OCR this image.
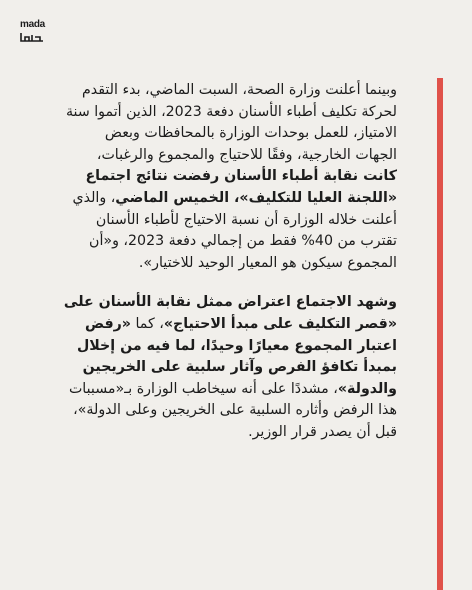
mada

وبينما أعلنت وزارة الصحة، السبت الماضي، بدء التقدم لحركة تكليف أطباء الأسنان دفعة 2023، الذين أتموا سنة الامتياز، للعمل بوحدات الوزارة بالمحافظات وبعض الجهات الخارجية، وفقًا للاحتياج والمجموع والرغبات، كانت نقابة أطباء الأسنان رفضت نتائج اجتماع «اللجنة العليا للتكليف»، الخميس الماضي، والذي أعلنت خلاله الوزارة أن نسبة الاحتياج لأطباء الأسنان تقترب من 40% فقط من إجمالي دفعة 2023، و«أن المجموع سيكون هو المعيار الوحيد للاختيار».

وشهد الاجتماع اعتراض ممثل نقابة الأسنان على «قصر التكليف على مبدأ الاحتياج»، كما «رفض اعتبار المجموع معيارًا وحيدًا، لما فيه من إخلال بمبدأ تكافؤ الفرص وآثار سلبية على الخريجين والدولة»، مشددًا على أنه سيخاطب الوزارة بـ«مسببات هذا الرفض وأثاره السلبية على الخريجين وعلى الدولة»، قبل أن يصدر قرار الوزير.
